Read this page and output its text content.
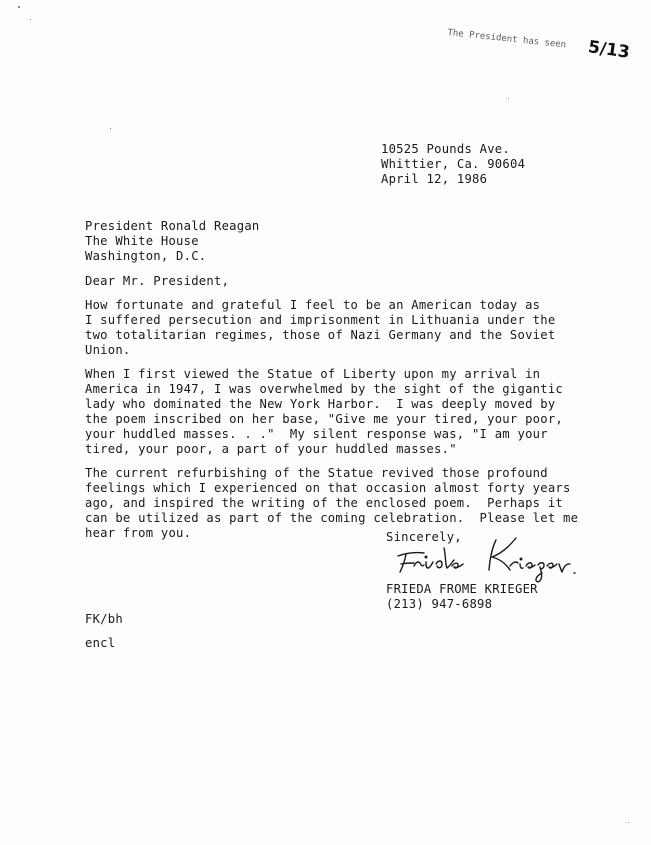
The President has seen 5/13
10525 Pounds Ave.
Whittier, Ca. 90604
April 12, 1986
President Ronald Reagan
The White House
Washington, D.C.
Dear Mr. President,
How fortunate and grateful I feel to be an American today as
I suffered persecution and imprisonment in Lithuania under the
two totalitarian regimes, those of Nazi Germany and the Soviet
Union.
When I first viewed the Statue of Liberty upon my arrival in
America in 1947, I was overwhelmed by the sight of the gigantic
lady who dominated the New York Harbor.  I was deeply moved by
the poem inscribed on her base, "Give me your tired, your poor,
your huddled masses. . ."  My silent response was, "I am your
tired, your poor, a part of your huddled masses."
The current refurbishing of the Statue revived those profound
feelings which I experienced on that occasion almost forty years
ago, and inspired the writing of the enclosed poem.  Perhaps it
can be utilized as part of the coming celebration.  Please let me
hear from you.	Sincerely,
FRIEDA FROME KRIEGER
(213) 947-6898
FK/bh
encl
